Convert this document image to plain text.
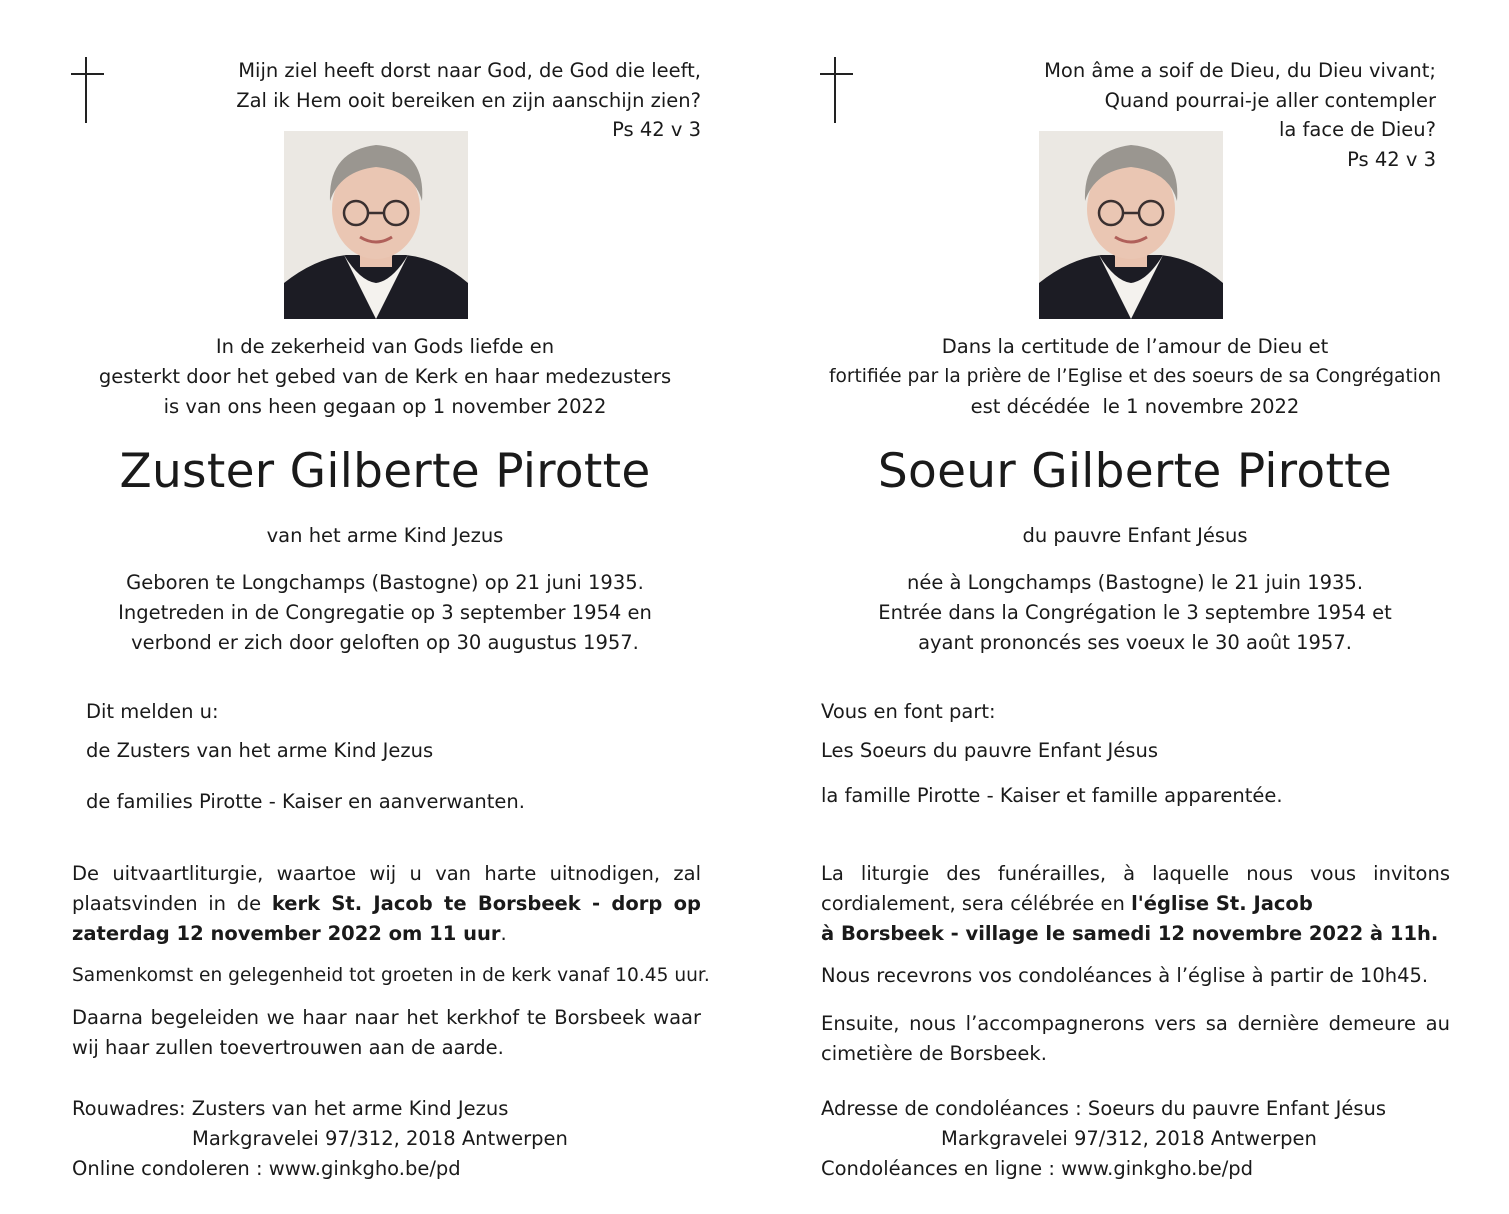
Mijn ziel heeft dorst naar God, de God die leeft,
Zal ik Hem ooit bereiken en zijn aanschijn zien?
Ps 42 v 3
In de zekerheid van Gods liefde en
gesterkt door het gebed van de Kerk en haar medezusters
is van ons heen gegaan op 1 november 2022
Zuster Gilberte Pirotte
van het arme Kind Jezus
Geboren te Longchamps (Bastogne) op 21 juni 1935.
Ingetreden in de Congregatie op 3 september 1954 en
verbond er zich door geloften op 30 augustus 1957.
Dit melden u:
de Zusters van het arme Kind Jezus
de families Pirotte - Kaiser en aanverwanten.
De uitvaartliturgie, waartoe wij u van harte uitnodigen, zal plaatsvinden in de kerk St. Jacob te Borsbeek - dorp op zaterdag 12 november 2022 om 11 uur.
Samenkomst en gelegenheid tot groeten in de kerk vanaf 10.45 uur.
Daarna begeleiden we haar naar het kerkhof te Borsbeek waar wij haar zullen toevertrouwen aan de aarde.
Rouwadres: Zusters van het arme Kind Jezus
Markgravelei 97/312, 2018 Antwerpen
Online condoleren : www.ginkgho.be/pd
Mon âme a soif de Dieu, du Dieu vivant;
Quand pourrai-je aller contempler
la face de Dieu?
Ps 42 v 3
Dans la certitude de l’amour de Dieu et
fortifiée par la prière de l’Eglise et des soeurs de sa Congrégation
est décédée  le 1 novembre 2022
Soeur Gilberte Pirotte
du pauvre Enfant Jésus
née à Longchamps (Bastogne) le 21 juin 1935.
Entrée dans la Congrégation le 3 septembre 1954 et
ayant prononcés ses voeux le 30 août 1957.
Vous en font part:
Les Soeurs du pauvre Enfant Jésus
la famille Pirotte - Kaiser et famille apparentée.
La liturgie des funérailles, à laquelle nous vous invitons cordialement, sera célébrée en l'église St. Jacob
à Borsbeek - village le samedi 12 novembre 2022 à 11h.
Nous recevrons vos condoléances à l’église à partir de 10h45.
Ensuite, nous l’accompagnerons vers sa dernière demeure au cimetière de Borsbeek.
Adresse de condoléances : Soeurs du pauvre Enfant Jésus
Markgravelei 97/312, 2018 Antwerpen
Condoléances en ligne : www.ginkgho.be/pd
